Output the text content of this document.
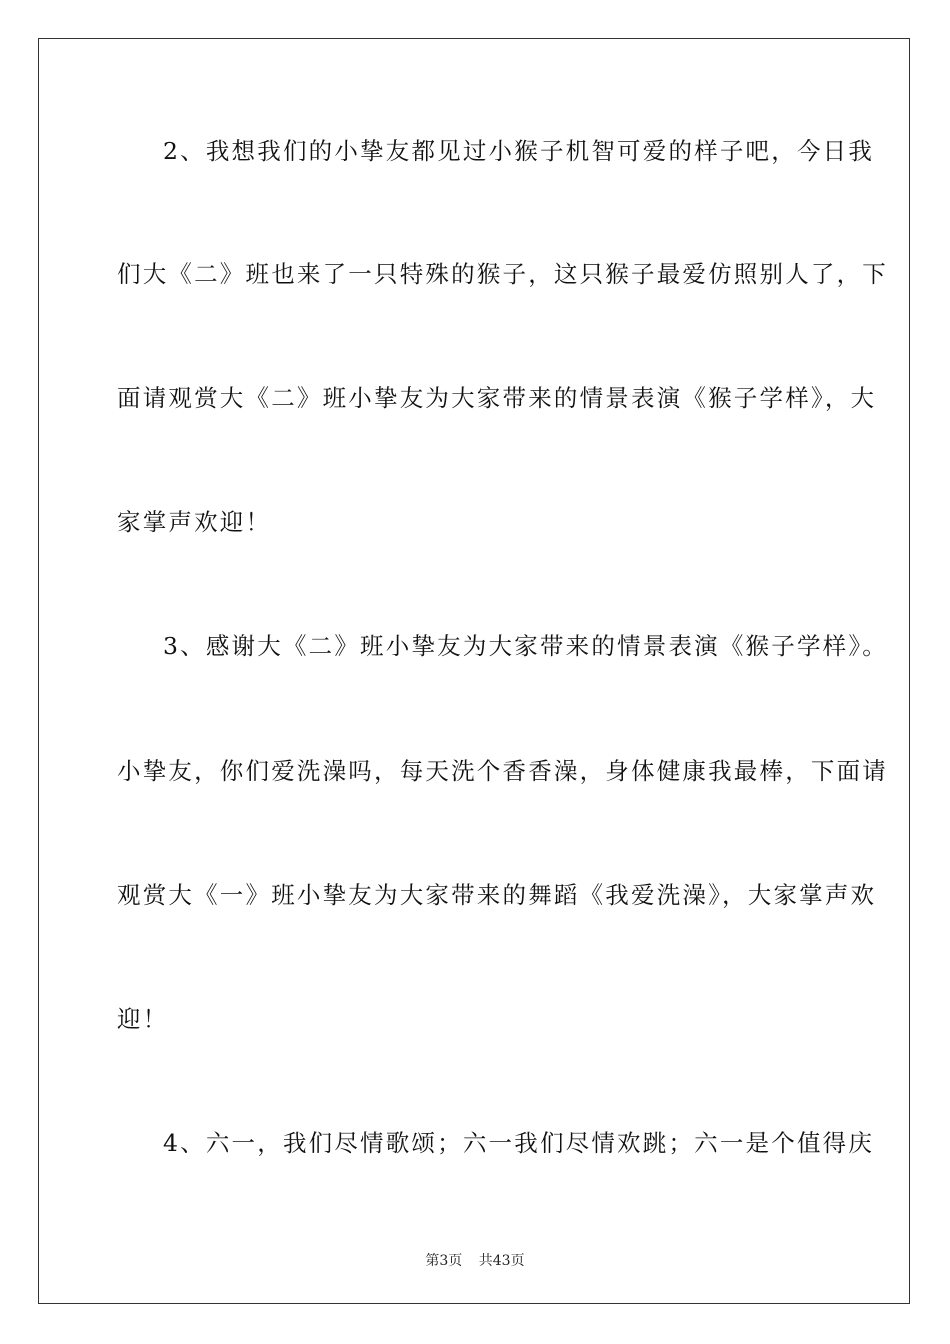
2、我想我们的小挚友都见过小猴子机智可爱的样子吧，今日我
们大《二》班也来了一只特殊的猴子，这只猴子最爱仿照别人了，下
面请观赏大《二》班小挚友为大家带来的情景表演《猴子学样》，大
家掌声欢迎！
3、感谢大《二》班小挚友为大家带来的情景表演《猴子学样》。
小挚友，你们爱洗澡吗，每天洗个香香澡，身体健康我最棒，下面请
观赏大《一》班小挚友为大家带来的舞蹈《我爱洗澡》，大家掌声欢
迎！
4、六一，我们尽情歌颂；六一我们尽情欢跳；六一是个值得庆
第3页 共43页
